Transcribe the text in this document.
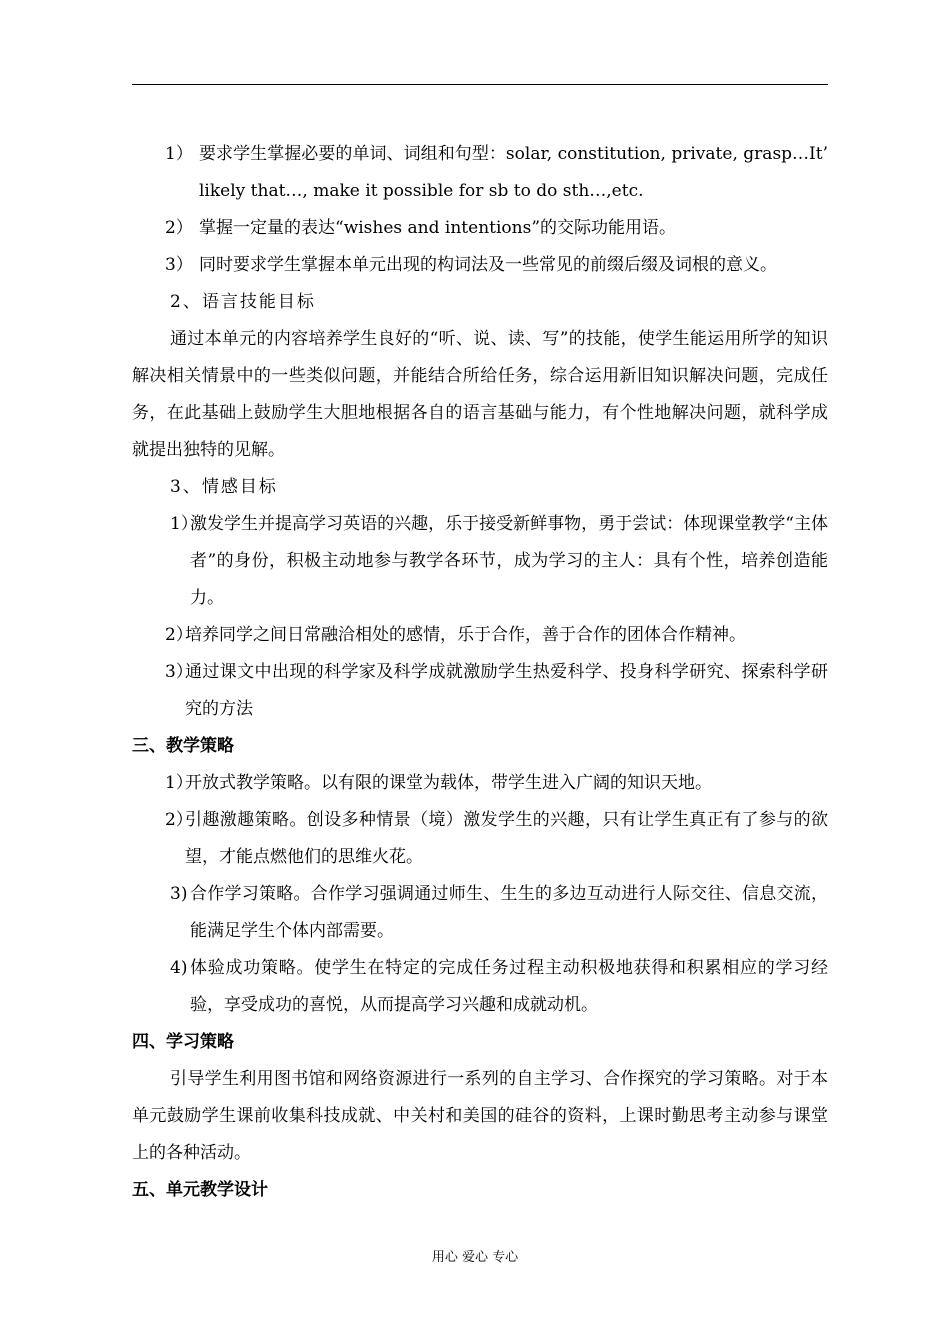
1） 要求学生掌握必要的单词、词组和句型：solar, constitution, private, grasp…It’ likely that…, make it possible for sb to do sth…,etc.
2） 掌握一定量的表达“wishes and intentions”的交际功能用语。
3） 同时要求学生掌握本单元出现的构词法及一些常见的前缀后缀及词根的意义。
2、语言技能目标
通过本单元的内容培养学生良好的“听、说、读、写”的技能，使学生能运用所学的知识解决相关情景中的一些类似问题，并能结合所给任务，综合运用新旧知识解决问题，完成任务，在此基础上鼓励学生大胆地根据各自的语言基础与能力，有个性地解决问题，就科学成就提出独特的见解。
3、情感目标
1）
激发学生并提高学习英语的兴趣，乐于接受新鲜事物，勇于尝试：体现课堂教学“主体者”的身份，积极主动地参与教学各环节，成为学习的主人：具有个性，培养创造能力。
2）
培养同学之间日常融洽相处的感情，乐于合作，善于合作的团体合作精神。
3）
通过课文中出现的科学家及科学成就激励学生热爱科学、投身科学研究、探索科学研究的方法
三、教学策略
1）
开放式教学策略。以有限的课堂为载体，带学生进入广阔的知识天地。
2）
引趣激趣策略。创设多种情景（境）激发学生的兴趣，只有让学生真正有了参与的欲望，才能点燃他们的思维火花。
3) 合作学习策略。合作学习强调通过师生、生生的多边互动进行人际交往、信息交流，能满足学生个体内部需要。
4) 体验成功策略。使学生在特定的完成任务过程主动积极地获得和积累相应的学习经验，享受成功的喜悦，从而提高学习兴趣和成就动机。
四、学习策略
引导学生利用图书馆和网络资源进行一系列的自主学习、合作探究的学习策略。对于本单元鼓励学生课前收集科技成就、中关村和美国的硅谷的资料，上课时勤思考主动参与课堂上的各种活动。
五、单元教学设计
用心 爱心 专心
